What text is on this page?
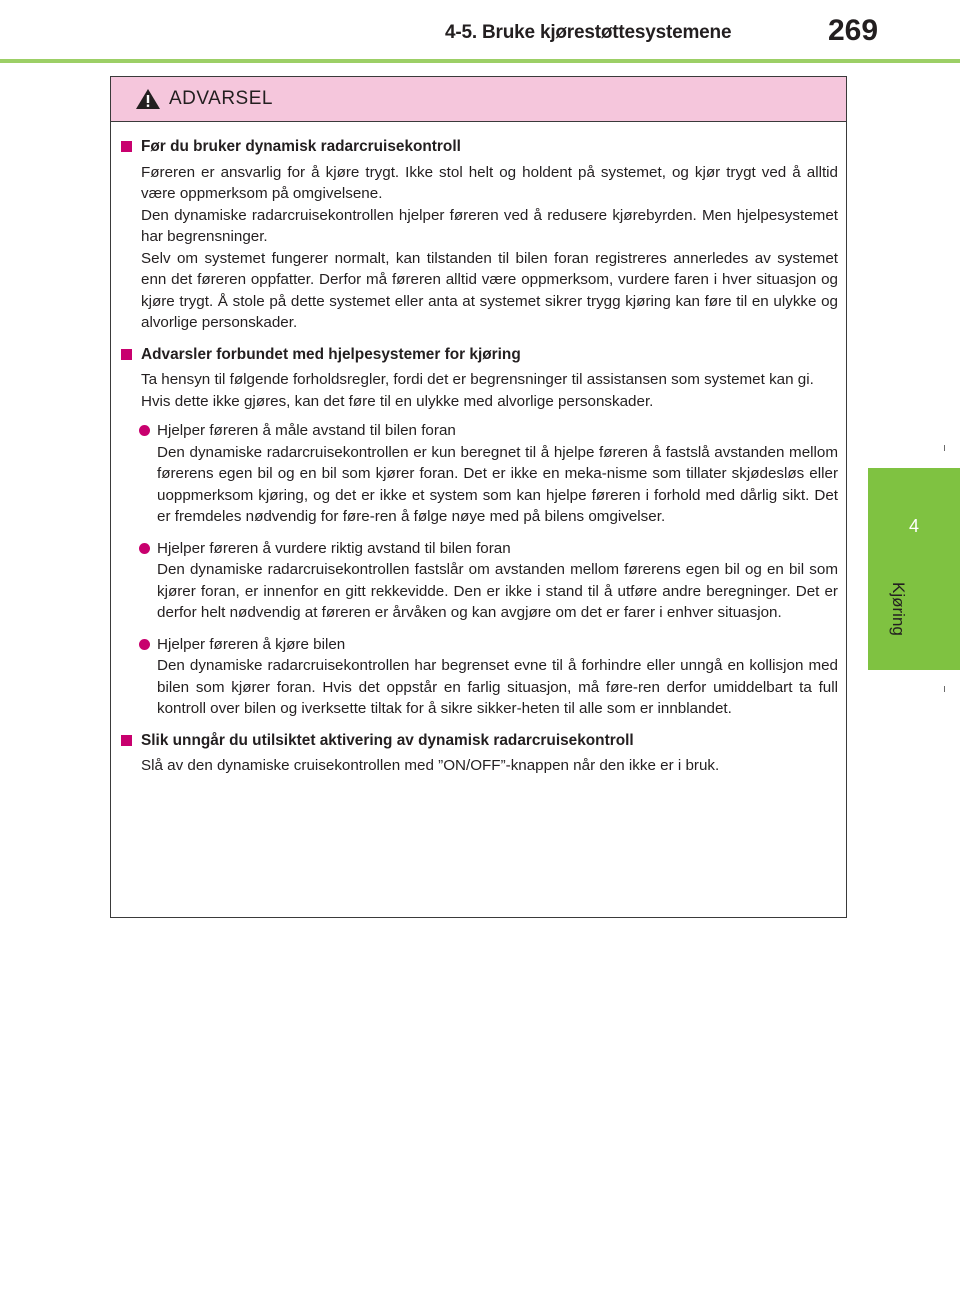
4-5. Bruke kjørestøttesystemene	269
4
Kjøring
ADVARSEL
Før du bruker dynamisk radarcruisekontroll

Føreren er ansvarlig for å kjøre trygt. Ikke stol helt og holdent på systemet, og kjør trygt ved å alltid være oppmerksom på omgivelsene.

Den dynamiske radarcruisekontrollen hjelper føreren ved å redusere kjørebyrden. Men hjelpesystemet har begrensninger.

Selv om systemet fungerer normalt, kan tilstanden til bilen foran registreres annerledes av systemet enn det føreren oppfatter. Derfor må føreren alltid være oppmerksom, vurdere faren i hver situasjon og kjøre trygt. Å stole på dette systemet eller anta at systemet sikrer trygg kjøring kan føre til en ulykke og alvorlige personskader.

Advarsler forbundet med hjelpesystemer for kjøring

Ta hensyn til følgende forholdsregler, fordi det er begrensninger til assistansen som systemet kan gi.

Hvis dette ikke gjøres, kan det føre til en ulykke med alvorlige personskader.

Hjelper føreren å måle avstand til bilen foran
Den dynamiske radarcruisekontrollen er kun beregnet til å hjelpe føreren å fastslå avstanden mellom førerens egen bil og en bil som kjører foran. Det er ikke en meka-nisme som tillater skjødesløs eller uoppmerksom kjøring, og det er ikke et system som kan hjelpe føreren i forhold med dårlig sikt. Det er fremdeles nødvendig for føre-ren å følge nøye med på bilens omgivelser.
Hjelper føreren å vurdere riktig avstand til bilen foran
Den dynamiske radarcruisekontrollen fastslår om avstanden mellom førerens egen bil og en bil som kjører foran, er innenfor en gitt rekkevidde. Den er ikke i stand til å utføre andre beregninger. Det er derfor helt nødvendig at føreren er årvåken og kan avgjøre om det er farer i enhver situasjon.
Hjelper føreren å kjøre bilen
Den dynamiske radarcruisekontrollen har begrenset evne til å forhindre eller unngå en kollisjon med bilen som kjører foran. Hvis det oppstår en farlig situasjon, må føre-ren derfor umiddelbart ta full kontroll over bilen og iverksette tiltak for å sikre sikker-heten til alle som er innblandet.
Slik unngår du utilsiktet aktivering av dynamisk radarcruisekontroll

Slå av den dynamiske cruisekontrollen med ”ON/OFF”-knappen når den ikke er i bruk.
